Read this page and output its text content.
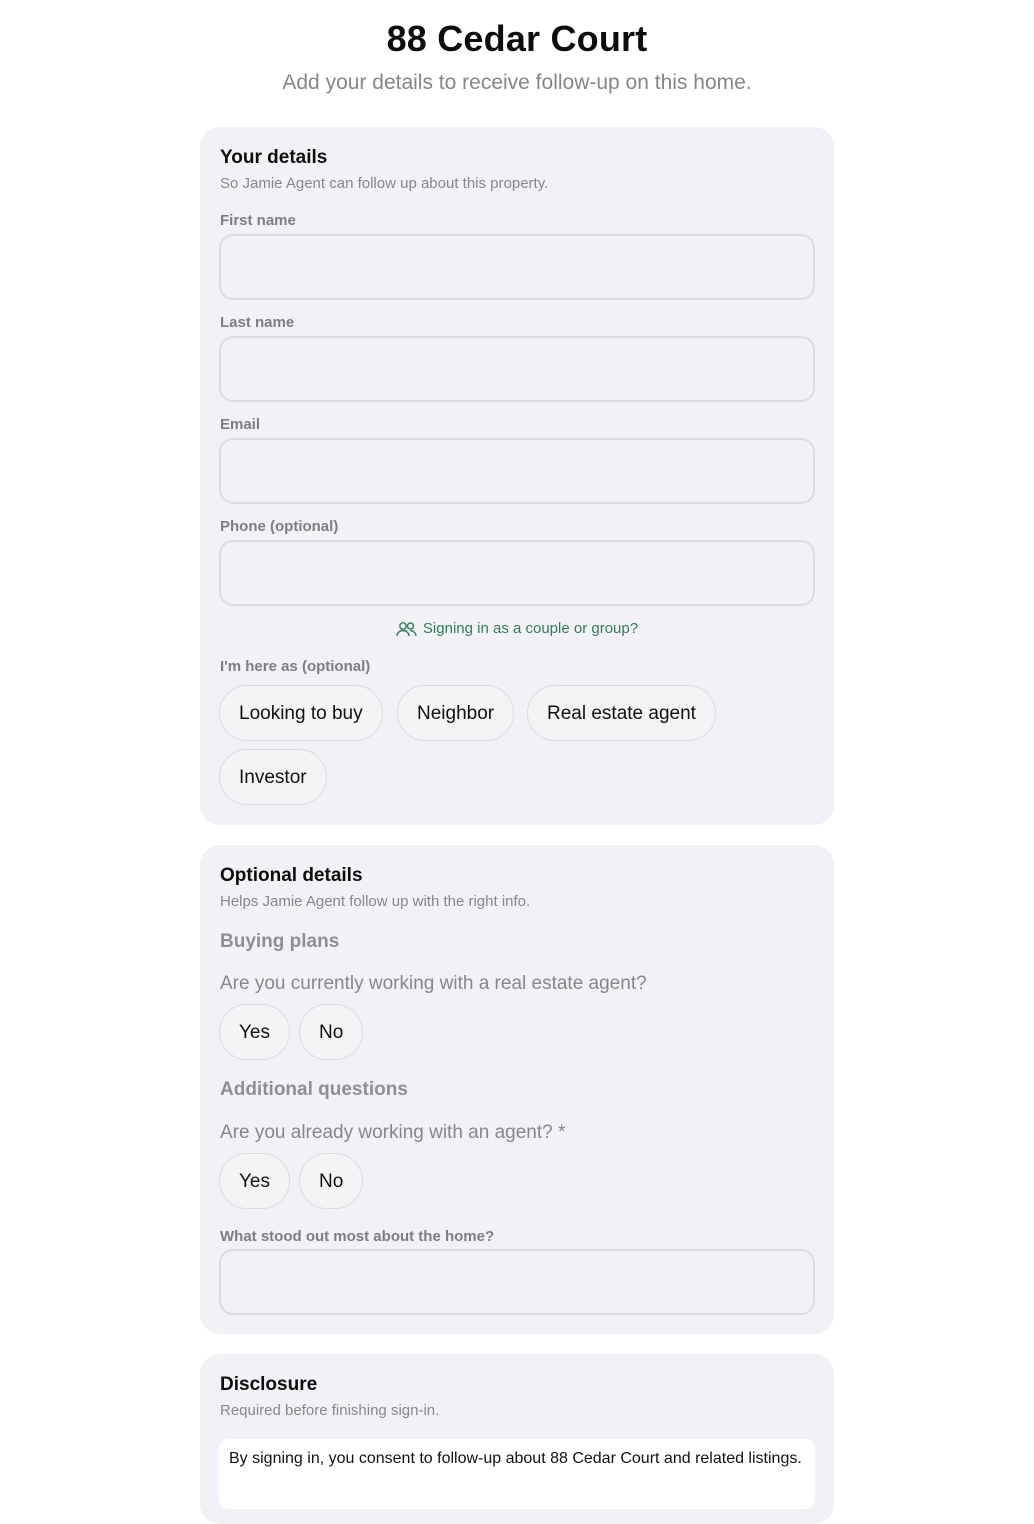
88 Cedar Court

Add your details to receive follow-up on this home.

Your details

So Jamie Agent can follow up about this property.

First name
Last name
Email
Phone (optional)
Signing in as a couple or group?
I'm here as (optional)
Looking to buy	Neighbor	Real estate agent
Investor
Optional details

Helps Jamie Agent follow up with the right info.

Buying plans

Are you currently working with a real estate agent?

Yes	No
Additional questions

Are you already working with an agent? *

Yes	No
What stood out most about the home?
Disclosure

Required before finishing sign-in.

By signing in, you consent to follow-up about 88 Cedar Court and related listings.
